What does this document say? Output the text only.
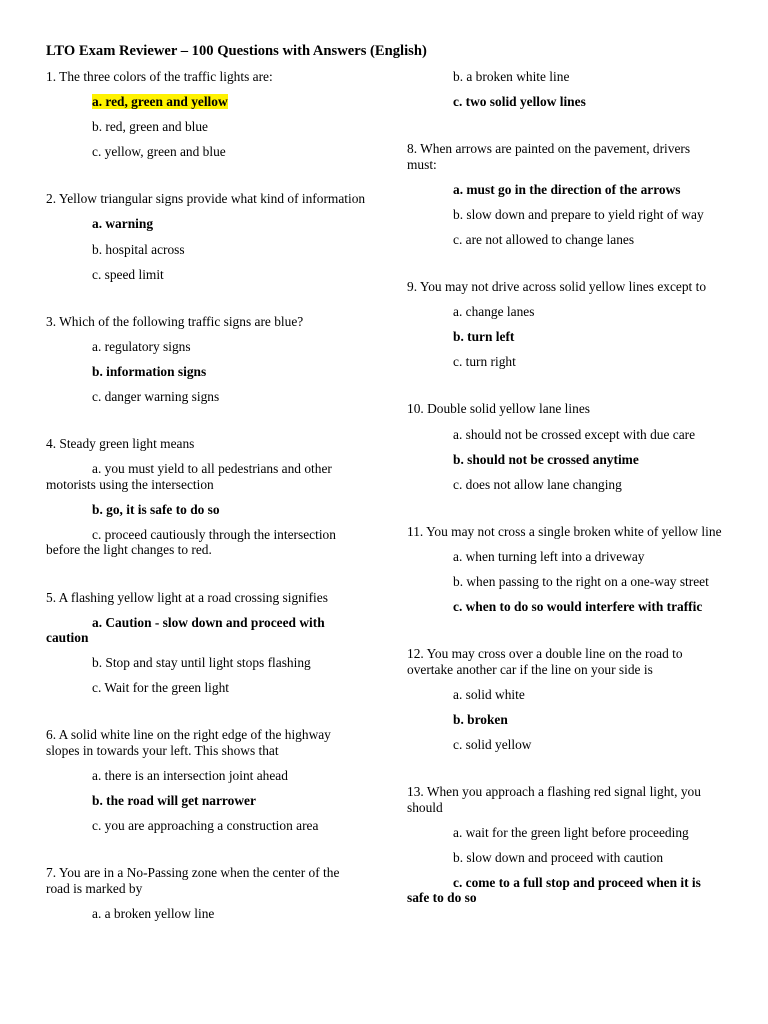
LTO Exam Reviewer – 100 Questions with Answers (English)
1. The three colors of the traffic lights are:
a. red, green and yellow
b. red, green and blue
c. yellow, green and blue
2. Yellow triangular signs provide what kind of information
a. warning
b. hospital across
c. speed limit
3. Which of the following traffic signs are blue?
a. regulatory signs
b. information signs
c. danger warning signs
4. Steady green light means
a. you must yield to all pedestrians and other motorists using the intersection
b. go, it is safe to do so
c. proceed cautiously through the intersection before the light changes to red.
5. A flashing yellow light at a road crossing signifies
a. Caution - slow down and proceed with caution
b. Stop and stay until light stops flashing
c. Wait for the green light
6. A solid white line on the right edge of the highway slopes in towards your left. This shows that
a. there is an intersection joint ahead
b. the road will get narrower
c. you are approaching a construction area
7. You are in a No-Passing zone when the center of the road is marked by
a. a broken yellow line
b. a broken white line
c. two solid yellow lines
8. When arrows are painted on the pavement, drivers must:
a. must go in the direction of the arrows
b. slow down and prepare to yield right of way
c. are not allowed to change lanes
9. You may not drive across solid yellow lines except to
a. change lanes
b. turn left
c. turn right
10. Double solid yellow lane lines
a. should not be crossed except with due care
b. should not be crossed anytime
c. does not allow lane changing
11. You may not cross a single broken white of yellow line
a. when turning left into a driveway
b. when passing to the right on a one-way street
c. when to do so would interfere with traffic
12. You may cross over a double line on the road to overtake another car if the line on your side is
a. solid white
b. broken
c. solid yellow
13. When you approach a flashing red signal light, you should
a. wait for the green light before proceeding
b. slow down and proceed with caution
c. come to a full stop and proceed when it is safe to do so
